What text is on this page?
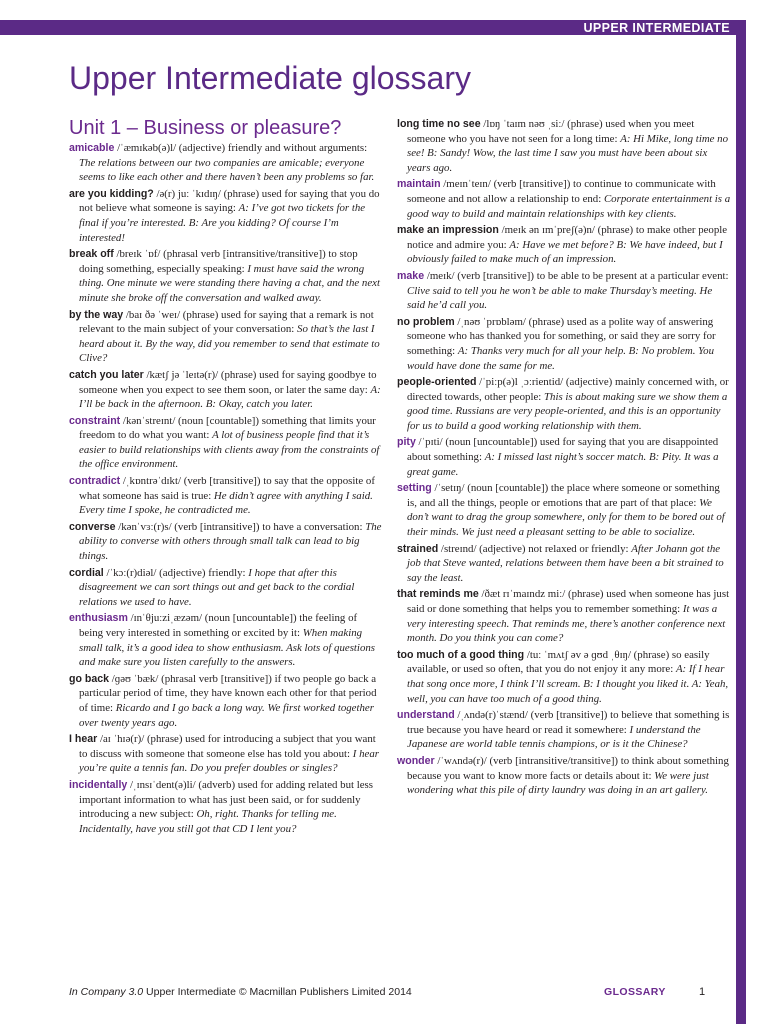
UPPER INTERMEDIATE
Upper Intermediate glossary
Unit 1 – Business or pleasure?

amicable /ˈæmɪkəb(ə)l/ (adjective) friendly and without arguments: The relations between our two companies are amicable; everyone seems to like each other and there haven’t been any problems so far.

are you kidding? /ə(r) juː ˈkɪdɪŋ/ (phrase) used for saying that you do not believe what someone is saying: A: I’ve got two tickets for the final if you’re interested. B: Are you kidding? Of course I’m interested!

break off /breɪk ˈɒf/ (phrasal verb [intransitive/transitive]) to stop doing something, especially speaking: I must have said the wrong thing. One minute we were standing there having a chat, and the next minute she broke off the conversation and walked away.

by the way /baɪ ðə ˈweɪ/ (phrase) used for saying that a remark is not relevant to the main subject of your conversation: So that’s the last I heard about it. By the way, did you remember to send that estimate to Clive?

catch you later /kætʃ jə ˈleɪtə(r)/ (phrase) used for saying goodbye to someone when you expect to see them soon, or later the same day: A: I’ll be back in the afternoon. B: Okay, catch you later.

constraint /kənˈstreɪnt/ (noun [countable]) something that limits your freedom to do what you want: A lot of business people find that it’s easier to build relationships with clients away from the constraints of the office environment.

contradict /ˌkɒntrəˈdɪkt/ (verb [transitive]) to say that the opposite of what someone has said is true: He didn’t agree with anything I said. Every time I spoke, he contradicted me.

converse /kənˈvɜː(r)s/ (verb [intransitive]) to have a conversation: The ability to converse with others through small talk can lead to big things.

cordial /ˈkɔː(r)diəl/ (adjective) friendly: I hope that after this disagreement we can sort things out and get back to the cordial relations we used to have.

enthusiasm /ɪnˈθjuːziˌæzəm/ (noun [uncountable]) the feeling of being very interested in something or excited by it: When making small talk, it’s a good idea to show enthusiasm. Ask lots of questions and make sure you listen carefully to the answers.

go back /ɡəʊ ˈbæk/ (phrasal verb [transitive]) if two people go back a particular period of time, they have known each other for that period of time: Ricardo and I go back a long way. We first worked together over twenty years ago.

I hear /aɪ ˈhɪə(r)/ (phrase) used for introducing a subject that you want to discuss with someone that someone else has told you about: I hear you’re quite a tennis fan. Do you prefer doubles or singles?

incidentally /ˌɪnsɪˈdent(ə)li/ (adverb) used for adding related but less important information to what has just been said, or for suddenly introducing a new subject: Oh, right. Thanks for telling me. Incidentally, have you still got that CD I lent you?

long time no see /lɒŋ ˈtaɪm nəʊ ˌsiː/ (phrase) used when you meet someone who you have not seen for a long time: A: Hi Mike, long time no see! B: Sandy! Wow, the last time I saw you must have been about six years ago.

maintain /meɪnˈteɪn/ (verb [transitive]) to continue to communicate with someone and not allow a relationship to end: Corporate entertainment is a good way to build and maintain relationships with key clients.

make an impression /meɪk ən ɪmˈpreʃ(ə)n/ (phrase) to make other people notice and admire you: A: Have we met before? B: We have indeed, but I obviously failed to make much of an impression.

make /meɪk/ (verb [transitive]) to be able to be present at a particular event: Clive said to tell you he won’t be able to make Thursday’s meeting. He said he’d call you.

no problem /ˌnəʊ ˈprɒbləm/ (phrase) used as a polite way of answering someone who has thanked you for something, or said they are sorry for something: A: Thanks very much for all your help. B: No problem. You would have done the same for me.

people-oriented /ˈpiːp(ə)l ˌɔːrientid/ (adjective) mainly concerned with, or directed towards, other people: This is about making sure we show them a good time. Russians are very people-oriented, and this is an opportunity for us to build a good working relationship with them.

pity /ˈpɪti/ (noun [uncountable]) used for saying that you are disappointed about something: A: I missed last night’s soccer match. B: Pity. It was a great game.

setting /ˈsetɪŋ/ (noun [countable]) the place where someone or something is, and all the things, people or emotions that are part of that place: We don’t want to drag the group somewhere, only for them to be bored out of their minds. We just need a pleasant setting to be able to socialize.

strained /streɪnd/ (adjective) not relaxed or friendly: After Johann got the job that Steve wanted, relations between them have been a bit strained to say the least.

that reminds me /ðæt rɪˈmaɪndz miː/ (phrase) used when someone has just said or done something that helps you to remember something: It was a very interesting speech. That reminds me, there’s another conference next month. Do you think you can come?

too much of a good thing /tuː ˈmʌtʃ əv ə ɡʊd ˌθɪŋ/ (phrase) so easily available, or used so often, that you do not enjoy it any more: A: If I hear that song once more, I think I’ll scream. B: I thought you liked it. A: Yeah, well, you can have too much of a good thing.

understand /ˌʌndə(r)ˈstænd/ (verb [transitive]) to believe that something is true because you have heard or read it somewhere: I understand the Japanese are world table tennis champions, or is it the Chinese?

wonder /ˈwʌndə(r)/ (verb [intransitive/transitive]) to think about something because you want to know more facts or details about it: We were just wondering what this pile of dirty laundry was doing in an art gallery.

In Company 3.0 Upper Intermediate © Macmillan Publishers Limited 2014	GLOSSARY	1
